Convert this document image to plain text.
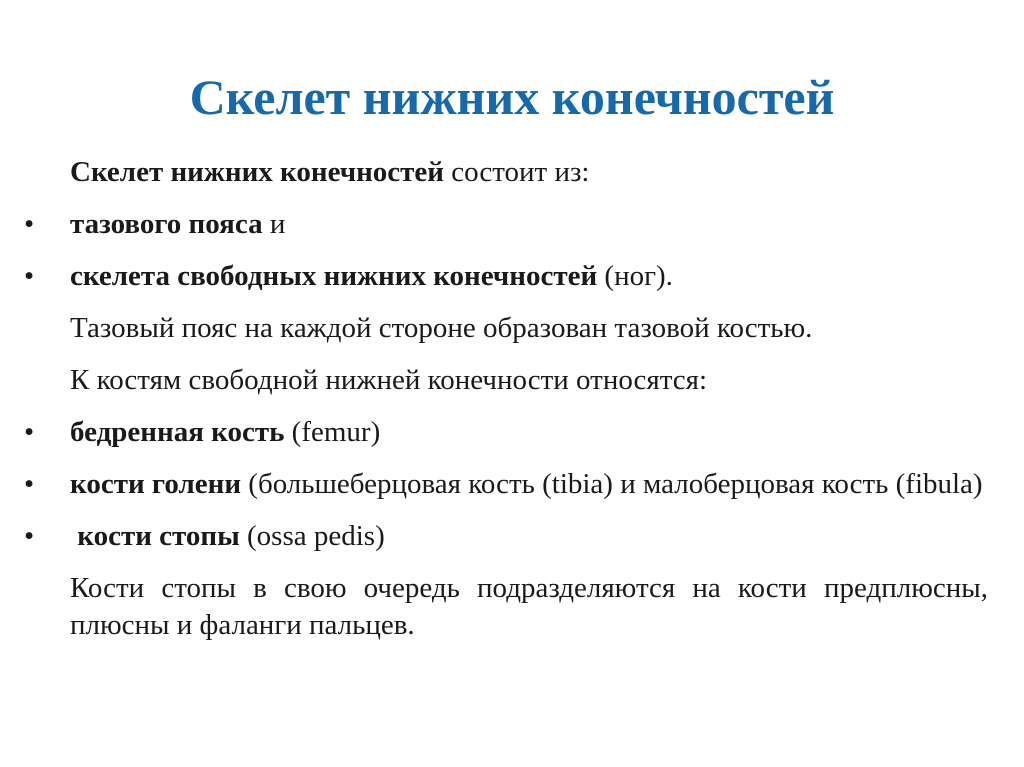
Скелет нижних конечностей

Скелет нижних конечностей состоит из:

•	тазового пояса и

•	скелета свободных нижних конечностей (ног).

Тазовый пояс на каждой стороне образован тазовой костью.

К костям свободной нижней конечности относятся:

•	бедренная кость (femur)

•	кости голени (большеберцовая кость (tibia) и малоберцовая кость (fibula)

•	кости стопы (ossa pedis)

Кости стопы в свою очередь подразделяются на кости предплюсны, плюсны и фаланги пальцев.
